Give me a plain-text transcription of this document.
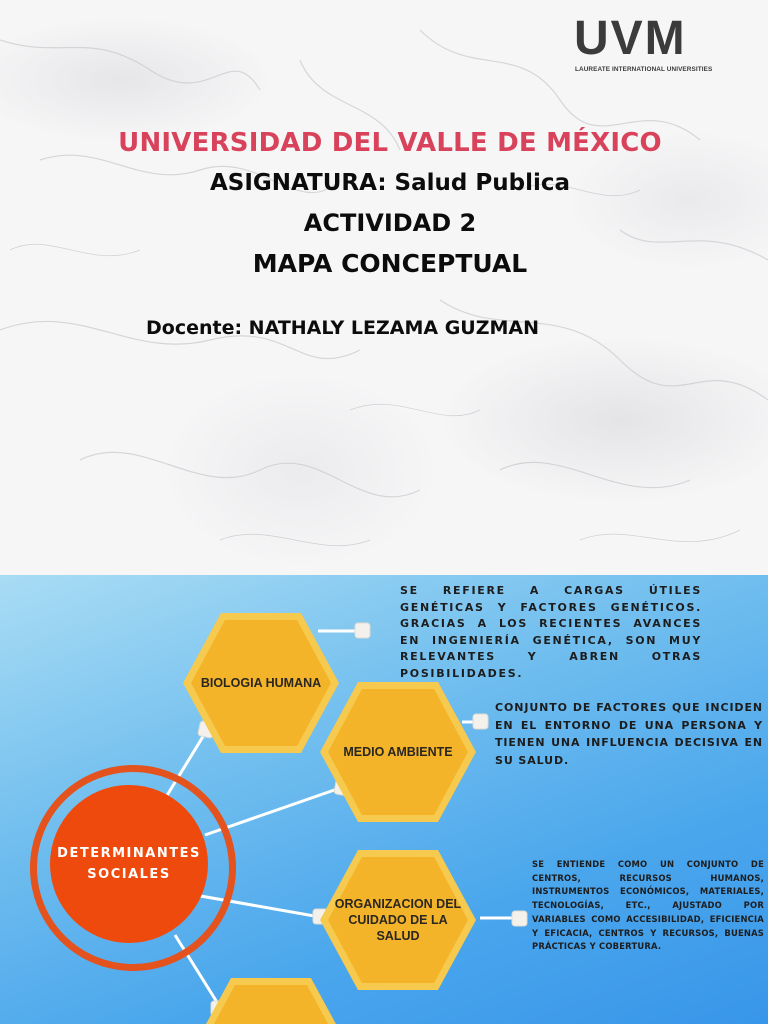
UVM
LAUREATE INTERNATIONAL UNIVERSITIES
UNIVERSIDAD DEL VALLE DE MÉXICO
ASIGNATURA: Salud Publica
ACTIVIDAD 2
MAPA CONCEPTUAL
Docente: NATHALY LEZAMA GUZMAN
BIOLOGIA HUMANA
MEDIO AMBIENTE
ORGANIZACION DEL
CUIDADO DE LA
SALUD
DETERMINANTES
SOCIALES
SE REFIERE A CARGAS ÚTILES GENÉTICAS Y FACTORES GENÉTICOS. GRACIAS A LOS RECIENTES AVANCES EN INGENIERÍA GENÉTICA, SON MUY RELEVANTES Y ABREN OTRAS POSIBILIDADES.
CONJUNTO DE FACTORES QUE INCIDEN EN EL ENTORNO DE UNA PERSONA Y TIENEN UNA INFLUENCIA DECISIVA EN SU SALUD.
SE ENTIENDE COMO UN CONJUNTO DE CENTROS, RECURSOS HUMANOS, INSTRUMENTOS ECONÓMICOS, MATERIALES, TECNOLOGÍAS, ETC., AJUSTADO POR VARIABLES COMO ACCESIBILIDAD, EFICIENCIA Y EFICACIA, CENTROS Y RECURSOS, BUENAS PRÁCTICAS Y COBERTURA.
